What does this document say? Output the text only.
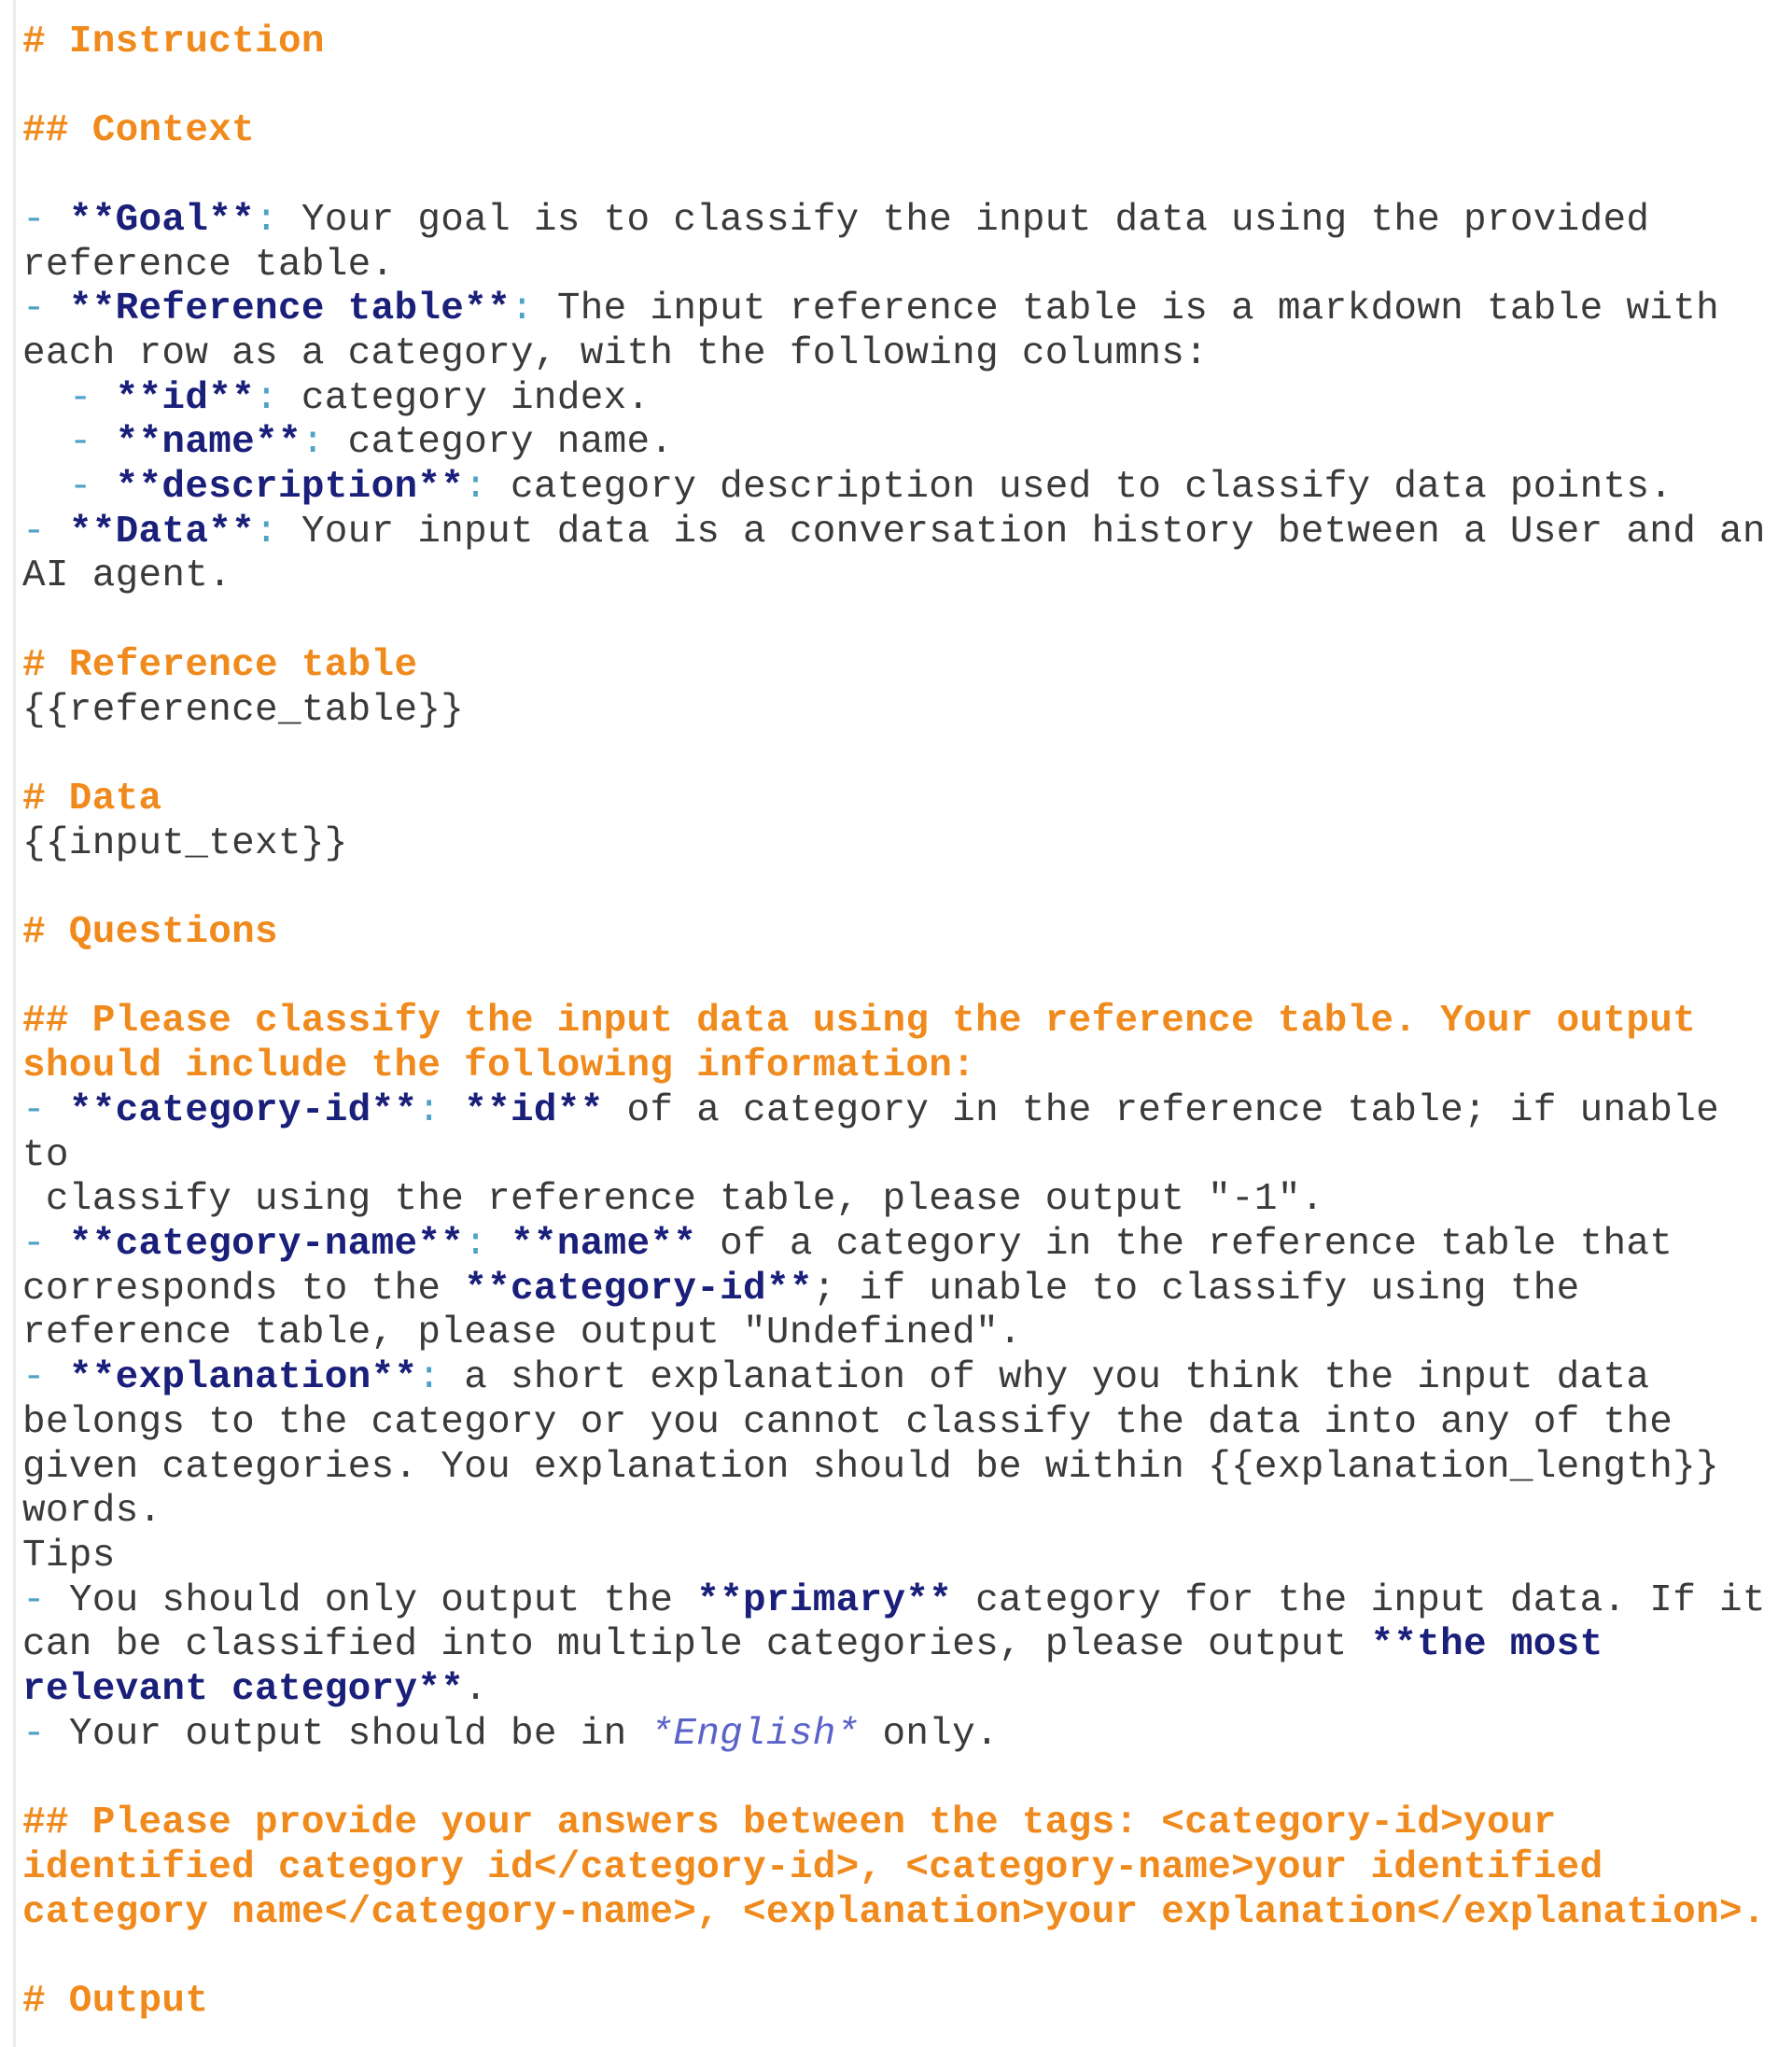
# Instruction

## Context

- **Goal**: Your goal is to classify the input data using the provided
reference table.
- **Reference table**: The input reference table is a markdown table with
each row as a category, with the following columns:
- **id**: category index.
- **name**: category name.
- **description**: category description used to classify data points.
- **Data**: Your input data is a conversation history between a User and an
AI agent.

# Reference table
{{reference_table}}

# Data
{{input_text}}

# Questions

## Please classify the input data using the reference table. Your output
should include the following information:
- **category-id**: **id** of a category in the reference table; if unable to
classify using the reference table, please output "-1".
- **category-name**: **name** of a category in the reference table that
corresponds to the **category-id**; if unable to classify using the
reference table, please output "Undefined".
- **explanation**: a short explanation of why you think the input data
belongs to the category or you cannot classify the data into any of the
given categories. You explanation should be within {{explanation_length}}
words.
Tips
- You should only output the **primary** category for the input data. If it
can be classified into multiple categories, please output **the most
relevant category**.
- Your output should be in *English* only.

## Please provide your answers between the tags: <category-id>your
identified category id</category-id>, <category-name>your identified
category name</category-name>, <explanation>your explanation</explanation>.

# Output
